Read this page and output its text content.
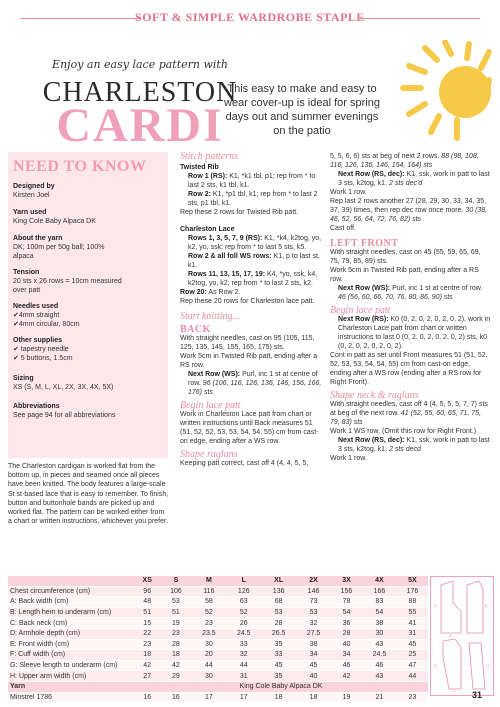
SOFT & SIMPLE WARDROBE STAPLE
Enjoy an easy lace pattern with
CHARLESTON
CARDI
This easy to make and easy to wear cover-up is ideal for spring days out and summer evenings on the patio
NEED TO KNOW
Designed by
Kirsten Joel
Yarn used
King Cole Baby Alpaca DK
About the yarn
DK; 100m per 50g ball; 100% alpaca
Tension
20 sts x 26 rows = 10cm measured over patt
Needles used
✔4mm straight
✔4mm circular, 80cm
Other supplies
✔ tapestry needle
✔ 5 buttons, 1.5cm
Sizing
XS (S, M, L, XL, 2X, 3X, 4X, 5X)
Abbreviations
See page 94 for all abbreviations
The Charleston cardigan is worked flat from the bottom up, in pieces and seamed once all pieces have been knitted. The body features a large-scale St st-based lace that is easy to remember. To finish, button and buttonhole bands are picked up and worked flat. The pattern can be worked either from a chart or written instructions, whichever you prefer.
Stitch patterns
Twisted Rib
Row 1 (RS): K1, *k1 tbl, p1; rep from * to last 2 sts, k1 tbl, k1.
Row 2: K1, *p1 tbl, k1; rep from * to last 2 sts, p1 tbl, k1.
Rep these 2 rows for Twisted Rib patt.
Charleston Lace
Rows 1, 3, 5, 7, 9 (RS): K1, *k4, k2tog, yo, k2, yo, ssk; rep from * to last 5 sts, k5.
Row 2 & all foll WS rows: K1, p to last st, k1.
Rows 11, 13, 15, 17, 19: K4, *yo, ssk, k4, k2tog, yo, k2; rep from * to last 2 sts, k2.
Row 20: As Row 2.
Rep these 20 rows for Charleston lace patt.
Start knitting...
BACK
With straight needles, cast on 95 (105, 115, 125, 135, 145, 155, 165, 175) sts.
Work 5cm in Twisted Rib patt, ending after a RS row.
Next Row (WS): Purl, inc 1 st at centre of row. 96 (106, 116, 126, 136, 146, 156, 166, 176) sts
Begin lace patt
Work in Charleston Lace patt from chart or written instructions until Back measures 51 (51, 52, 52, 53, 53, 54, 54, 55) cm from cast-on edge, ending after a WS row.
Shape raglans
Keeping patt correct, cast off 4 (4, 4, 5, 5,
5, 5, 6, 6) sts at beg of next 2 rows. 88 (98, 108, 116, 126, 136, 146, 154, 164) sts
Next Row (RS, dec): K1, ssk, work in patt to last 3 sts, k2tog, k1. 2 sts dec'd
Work 1 row.
Rep last 2 rows another 27 (28, 29, 30, 33, 34, 35, 37, 39) times, then rep dec row once more. 30 (38, 46, 52, 56, 64, 72, 76, 82) sts
Cast off.
LEFT FRONT
With straight needles, cast on 45 (55, 59, 65, 69, 75, 79, 85, 89) sts.
Work 5cm in Twisted Rib patt, ending after a RS row.
Next Row (WS): Purl, inc 1 st at centre of row. 46 (56, 60, 66, 70, 76, 80, 86, 90) sts
Begin lace patt
Next Row (RS): K0 (0, 2, 0, 2, 0, 2, 0, 2), work in Charleston Lace patt from chart or written instructions to last 0 (0, 2, 0, 2, 0, 2, 0, 2) sts, k0 (0, 2, 0, 2, 0, 2, 0, 2).
Cont in patt as set until Front measures 51 (51, 52, 52, 53, 53, 54, 54, 55) cm from cast-on edge, ending after a WS row (ending after a RS row for Right Front).
Shape neck & raglans
With straight needles, cast off 4 (4, 5, 5, 5, 7, 7) sts at beg of the next row. 41 (52, 55, 60, 65, 71, 75, 79, 83) sts
Work 1 WS row. (Omit this row for Right Front.)
Next Row (RS, dec): K1, ssk, work in patt to last 3 sts, k2tog, k1. 2 sts decd
Work 1 row.
	XS	S	M	L	XL	2X	3X	4X	5X
Chest circumference (cm)	96	106	116	126	136	146	156	166	176
A: Back width (cm)	48	53	58	63	68	73	78	83	88
B: Length hem to underarm (cm)	51	51	52	52	53	53	54	54	55
C: Back neck (cm)	15	19	23	26	28	32	36	38	41
D: Armhole depth (cm)	22	23	23.5	24.5	26.5	27.5	28	30	31
E: Front width (cm)	23	28	30	33	35	38	40	43	45
F: Cuff width (cm)	18	18	20	32	33	34	34	24.5	25
G: Sleeve length to underarm (cm)	42	42	44	44	45	45	46	46	47
H: Upper arm width (cm)	27	29	30	31	35	40	42	43	44
Yarn	King Cole Baby Alpaca DK								
Minstrel 1786	16	16	17	17	18	18	19	21	23
D
A
E
G
F
H
31
